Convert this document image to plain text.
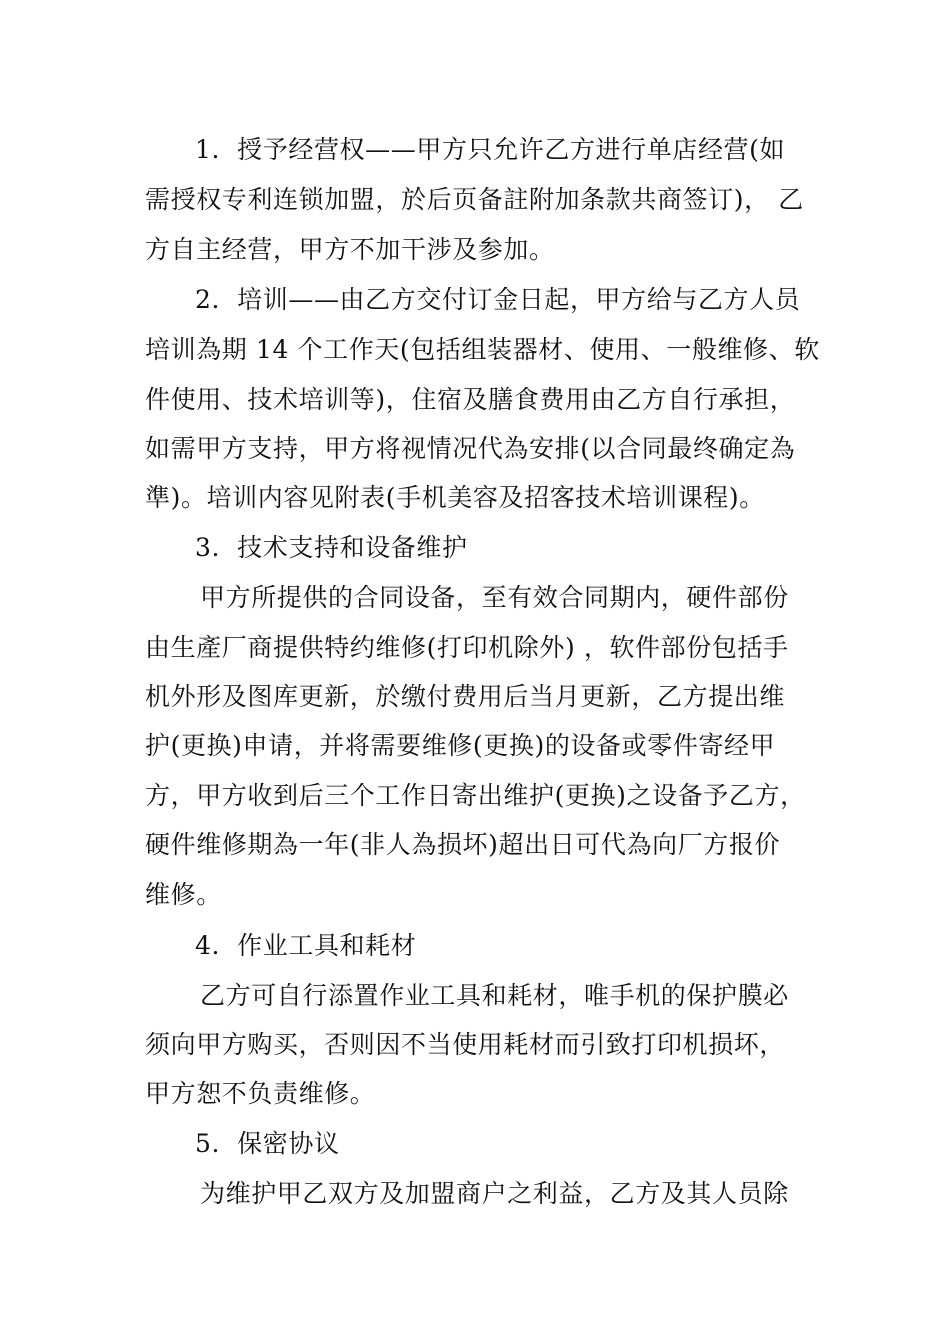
1.  授予经营权——甲方只允许乙方进行单店经营(如
需授权专利连锁加盟，於后页备註附加条款共商签订)， 乙
方自主经营，甲方不加干涉及参加。
2.  培训——由乙方交付订金日起，甲方给与乙方人员
培训為期 14 个工作天(包括组装器材、使用、一般维修、软
件使用、技术培训等)，住宿及膳食费用由乙方自行承担，
如需甲方支持，甲方将视情况代為安排(以合同最终确定為
準)。培训内容见附表(手机美容及招客技术培训课程)。
3.  技术支持和设备维护
甲方所提供的合同设备，至有效合同期内，硬件部份
由生產厂商提供特约维修(打印机除外) ，软件部份包括手
机外形及图库更新，於缴付费用后当月更新，乙方提出维
护(更换)申请，并将需要维修(更换)的设备或零件寄经甲
方，甲方收到后三个工作日寄出维护(更换)之设备予乙方，
硬件维修期為一年(非人為损坏)超出日可代為向厂方报价
维修。
4.  作业工具和耗材
乙方可自行添置作业工具和耗材，唯手机的保护膜必
须向甲方购买，否则因不当使用耗材而引致打印机损坏，
甲方恕不负责维修。
5.  保密协议
为维护甲乙双方及加盟商户之利益，乙方及其人员除
